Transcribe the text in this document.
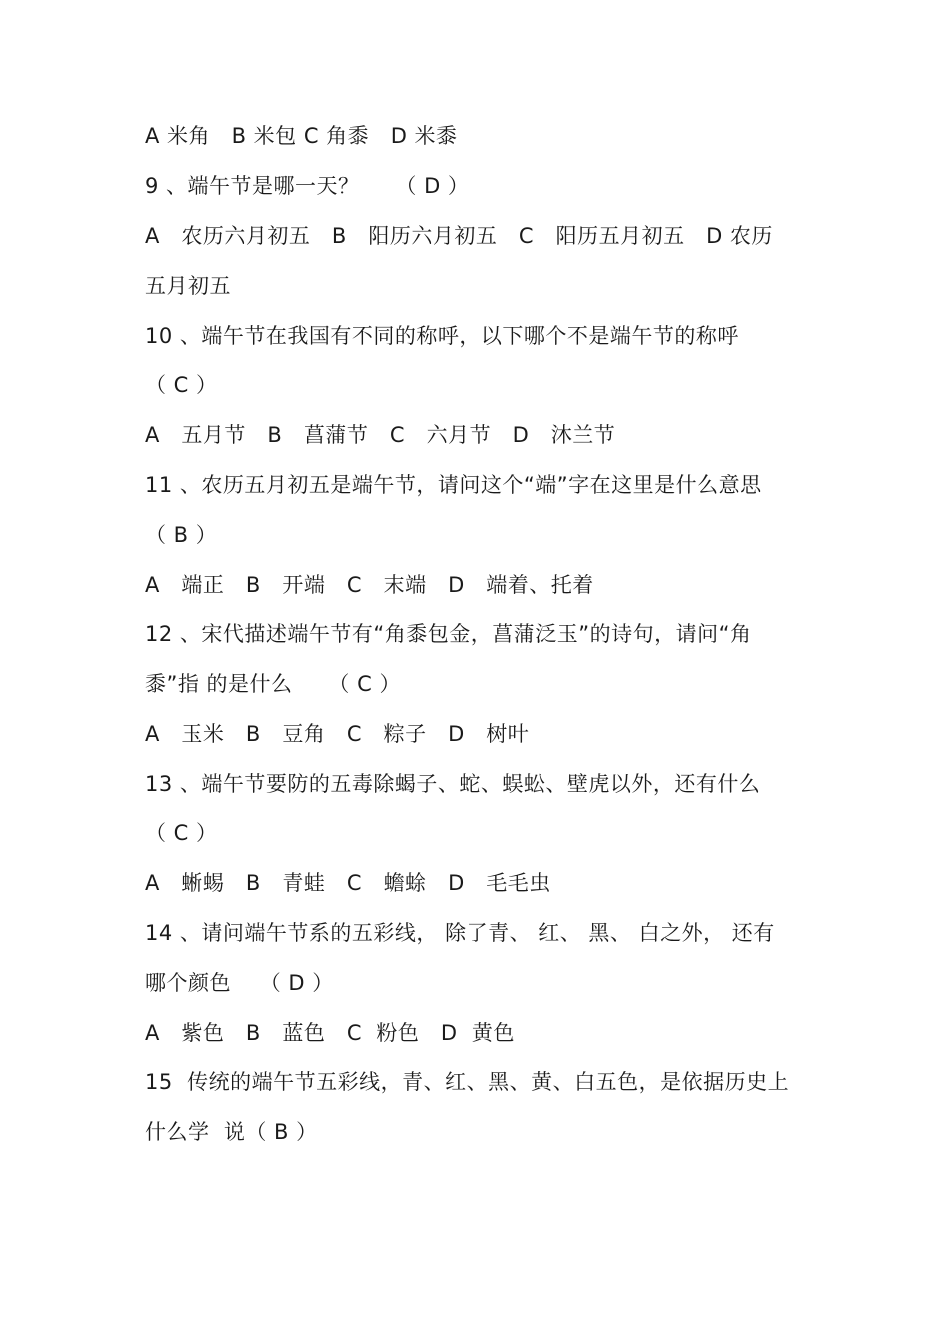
A 米角   B 米包 C 角黍   D 米黍
9 、端午节是哪一天？     （ D ）
A   农历六月初五   B   阳历六月初五   C   阳历五月初五   D 农历
五月初五
10 、端午节在我国有不同的称呼，以下哪个不是端午节的称呼
（ C ）
A   五月节   B   菖蒲节   C   六月节   D   沐兰节
11 、农历五月初五是端午节，请问这个“端”字在这里是什么意思
（ B ）
A   端正   B   开端   C   末端   D   端着、托着
12 、宋代描述端午节有“角黍包金，菖蒲泛玉”的诗句，请问“角
黍”指 的是什么     （ C ）
A   玉米   B   豆角   C   粽子   D   树叶
13 、端午节要防的五毒除蝎子、蛇、蜈蚣、壁虎以外，还有什么
（ C ）
A   蜥蜴   B   青蛙   C   蟾蜍   D   毛毛虫
14 、请问端午节系的五彩线， 除了青、 红、 黑、 白之外， 还有
哪个颜色    （ D ）
A   紫色   B   蓝色   C  粉色   D  黄色
15  传统的端午节五彩线，青、红、黑、黄、白五色，是依据历史上
什么学  说（ B ）
